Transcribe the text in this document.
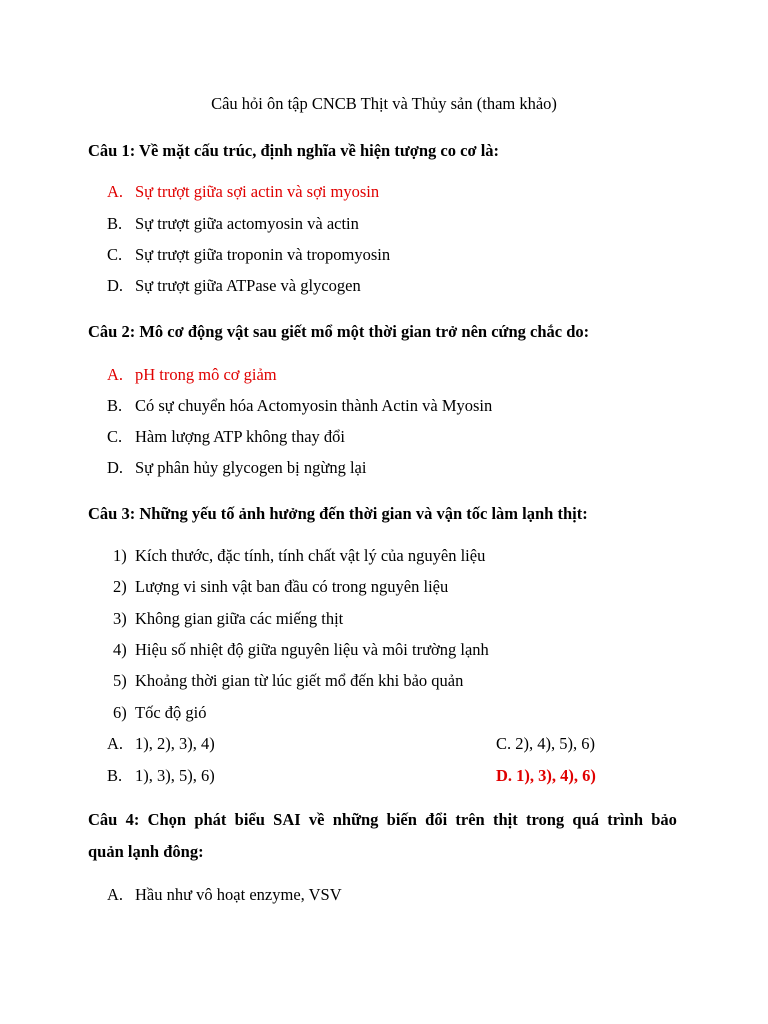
Câu hỏi ôn tập CNCB Thịt và Thủy sản (tham khảo)
Câu 1: Về mặt cấu trúc, định nghĩa về hiện tượng co cơ là:
A. Sự trượt giữa sợi actin và sợi myosin
B. Sự trượt giữa actomyosin và actin
C. Sự trượt giữa troponin và tropomyosin
D. Sự trượt giữa ATPase và glycogen
Câu 2: Mô cơ động vật sau giết mổ một thời gian trở nên cứng chắc do:
A. pH trong mô cơ giảm
B. Có sự chuyển hóa Actomyosin thành Actin và Myosin
C. Hàm lượng ATP không thay đổi
D. Sự phân hủy glycogen bị ngừng lại
Câu 3: Những yếu tố ảnh hưởng đến thời gian và vận tốc làm lạnh thịt:
1) Kích thước, đặc tính, tính chất vật lý của nguyên liệu
2) Lượng vi sinh vật ban đầu có trong nguyên liệu
3) Không gian giữa các miếng thịt
4) Hiệu số nhiệt độ giữa nguyên liệu và môi trường lạnh
5) Khoảng thời gian từ lúc giết mổ đến khi bảo quản
6) Tốc độ gió
A. 1), 2), 3), 4)	C. 2), 4), 5), 6)
B. 1), 3), 5), 6)	D. 1), 3), 4), 6)
Câu 4: Chọn phát biểu SAI về những biến đổi trên thịt trong quá trình bảo
quản lạnh đông:
A. Hầu như vô hoạt enzyme, VSV
